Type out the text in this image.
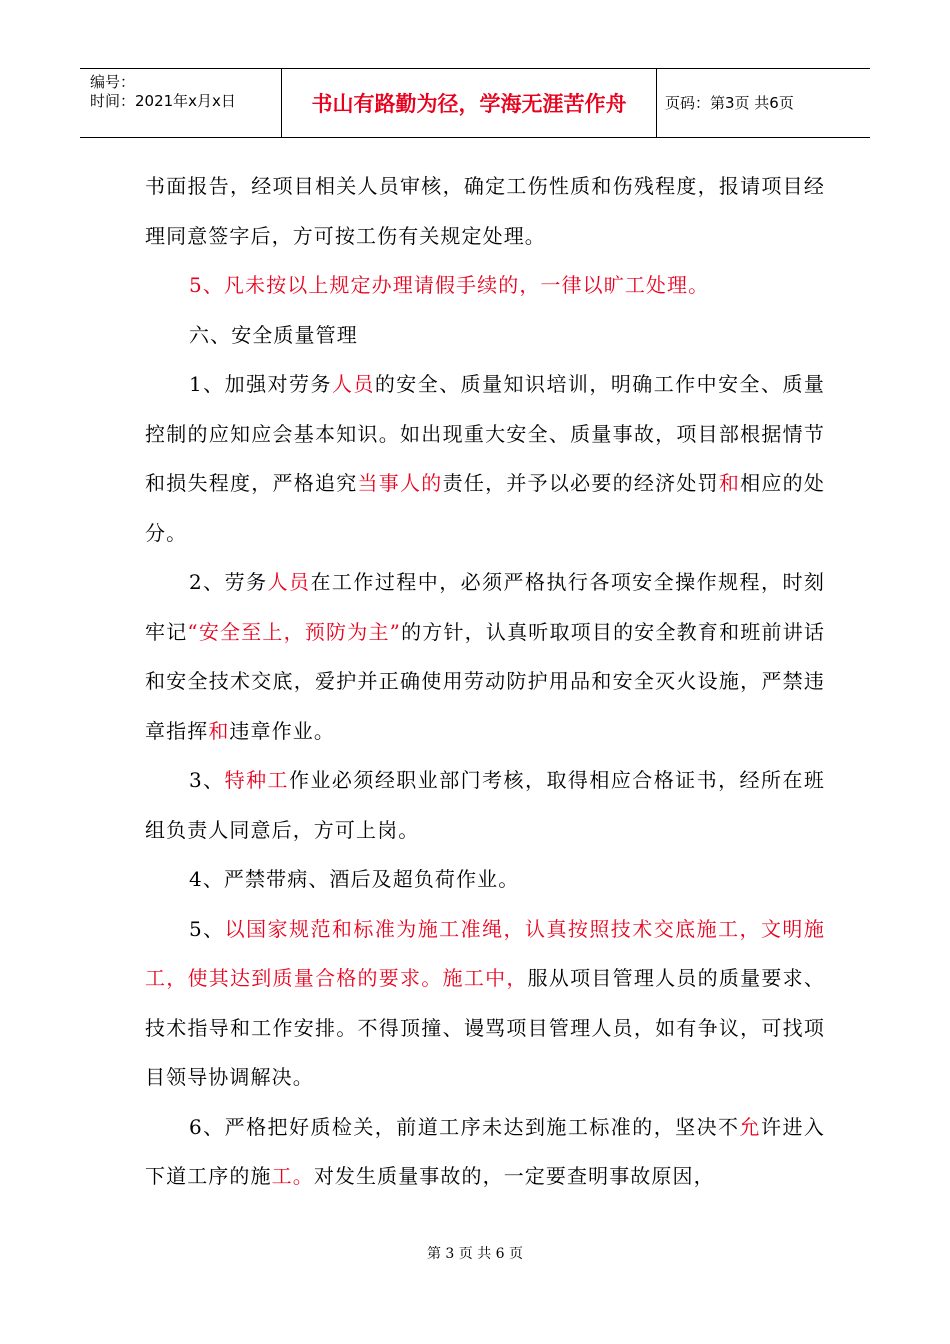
编号：
时间：2021年x月x日	书山有路勤为径，学海无涯苦作舟	页码：第3页 共6页

书面报告，经项目相关人员审核，确定工伤性质和伤残程度，报请项目经理同意签字后，方可按工伤有关规定处理。

5、凡未按以上规定办理请假手续的，一律以旷工处理。

六、安全质量管理

1、加强对劳务人员的安全、质量知识培训，明确工作中安全、质量控制的应知应会基本知识。如出现重大安全、质量事故，项目部根据情节和损失程度，严格追究当事人的责任，并予以必要的经济处罚和相应的处分。

2、劳务人员在工作过程中，必须严格执行各项安全操作规程，时刻牢记“安全至上，预防为主”的方针，认真听取项目的安全教育和班前讲话和安全技术交底，爱护并正确使用劳动防护用品和安全灭火设施，严禁违章指挥和违章作业。

3、特种工作业必须经职业部门考核，取得相应合格证书，经所在班组负责人同意后，方可上岗。

4、严禁带病、酒后及超负荷作业。

5、以国家规范和标准为施工准绳，认真按照技术交底施工，文明施工，使其达到质量合格的要求。施工中，服从项目管理人员的质量要求、技术指导和工作安排。不得顶撞、谩骂项目管理人员，如有争议，可找项目领导协调解决。

6、严格把好质检关，前道工序未达到施工标准的，坚决不允许进入下道工序的施工。对发生质量事故的，一定要查明事故原因，

第 3 页 共 6 页
